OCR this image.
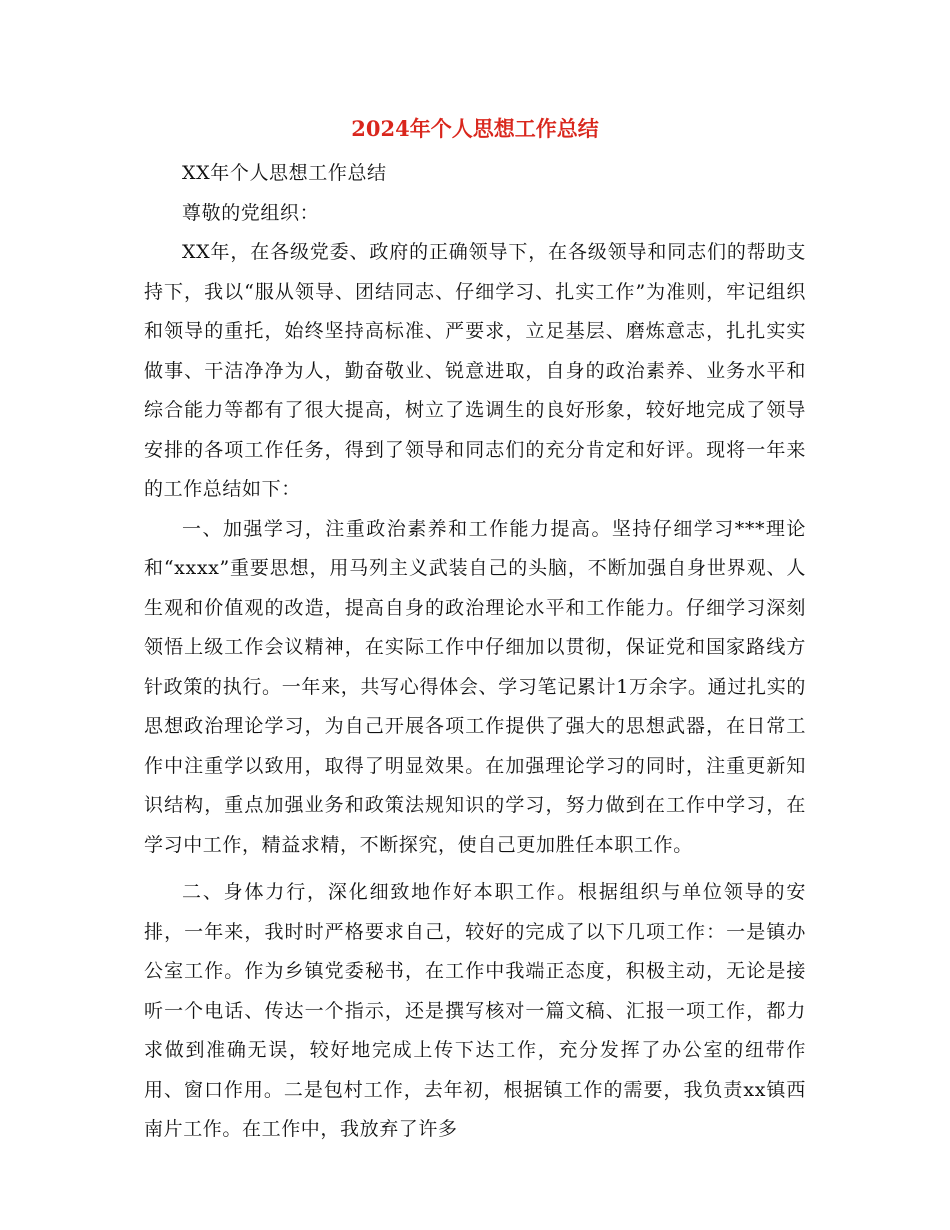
2024年个人思想工作总结

XX年个人思想工作总结

尊敬的党组织：

XX年，在各级党委、政府的正确领导下，在各级领导和同志们的帮助支持下，我以“服从领导、团结同志、仔细学习、扎实工作”为准则，牢记组织和领导的重托，始终坚持高标准、严要求，立足基层、磨炼意志，扎扎实实做事、干洁净净为人，勤奋敬业、锐意进取，自身的政治素养、业务水平和综合能力等都有了很大提高，树立了选调生的良好形象，较好地完成了领导安排的各项工作任务，得到了领导和同志们的充分肯定和好评。现将一年来的工作总结如下：

一、加强学习，注重政治素养和工作能力提高。坚持仔细学习***理论和“xxxx”重要思想，用马列主义武装自己的头脑，不断加强自身世界观、人生观和价值观的改造，提高自身的政治理论水平和工作能力。仔细学习深刻领悟上级工作会议精神，在实际工作中仔细加以贯彻，保证党和国家路线方针政策的执行。一年来，共写心得体会、学习笔记累计1万余字。通过扎实的思想政治理论学习，为自己开展各项工作提供了强大的思想武器，在日常工作中注重学以致用，取得了明显效果。在加强理论学习的同时，注重更新知识结构，重点加强业务和政策法规知识的学习，努力做到在工作中学习，在学习中工作，精益求精，不断探究，使自己更加胜任本职工作。

二、身体力行，深化细致地作好本职工作。根据组织与单位领导的安排，一年来，我时时严格要求自己，较好的完成了以下几项工作：一是镇办公室工作。作为乡镇党委秘书，在工作中我端正态度，积极主动，无论是接听一个电话、传达一个指示，还是撰写核对一篇文稿、汇报一项工作，都力求做到准确无误，较好地完成上传下达工作，充分发挥了办公室的纽带作用、窗口作用。二是包村工作，去年初，根据镇工作的需要，我负责xx镇西南片工作。在工作中，我放弃了许多
